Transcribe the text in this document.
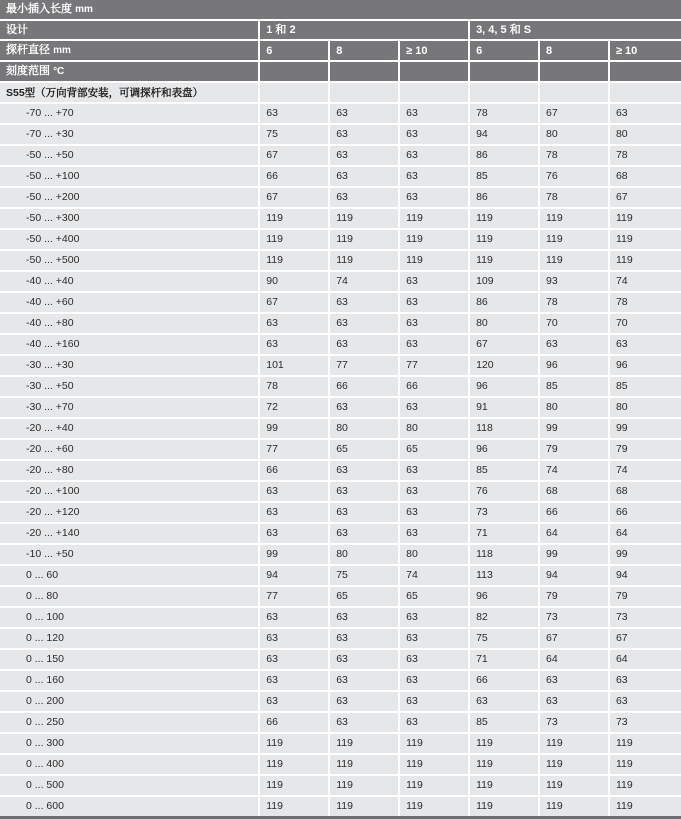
最小插入长度 mm						
设计	1 和 2			3, 4, 5 和 S		
探杆直径 mm	6	8	≥ 10	6	8	≥ 10
刻度范围 °C						
S55型（万向背部安装，可调探杆和表盘）						
-70 ... +70	63	63	63	78	67	63
-70 ... +30	75	63	63	94	80	80
-50 ... +50	67	63	63	86	78	78
-50 ... +100	66	63	63	85	76	68
-50 ... +200	67	63	63	86	78	67
-50 ... +300	119	119	119	119	119	119
-50 ... +400	119	119	119	119	119	119
-50 ... +500	119	119	119	119	119	119
-40 ... +40	90	74	63	109	93	74
-40 ... +60	67	63	63	86	78	78
-40 ... +80	63	63	63	80	70	70
-40 ... +160	63	63	63	67	63	63
-30 ... +30	101	77	77	120	96	96
-30 ... +50	78	66	66	96	85	85
-30 ... +70	72	63	63	91	80	80
-20 ... +40	99	80	80	118	99	99
-20 ... +60	77	65	65	96	79	79
-20 ... +80	66	63	63	85	74	74
-20 ... +100	63	63	63	76	68	68
-20 ... +120	63	63	63	73	66	66
-20 ... +140	63	63	63	71	64	64
-10 ... +50	99	80	80	118	99	99
0 ... 60	94	75	74	113	94	94
0 ... 80	77	65	65	96	79	79
0 ... 100	63	63	63	82	73	73
0 ... 120	63	63	63	75	67	67
0 ... 150	63	63	63	71	64	64
0 ... 160	63	63	63	66	63	63
0 ... 200	63	63	63	63	63	63
0 ... 250	66	63	63	85	73	73
0 ... 300	119	119	119	119	119	119
0 ... 400	119	119	119	119	119	119
0 ... 500	119	119	119	119	119	119
0 ... 600	119	119	119	119	119	119
